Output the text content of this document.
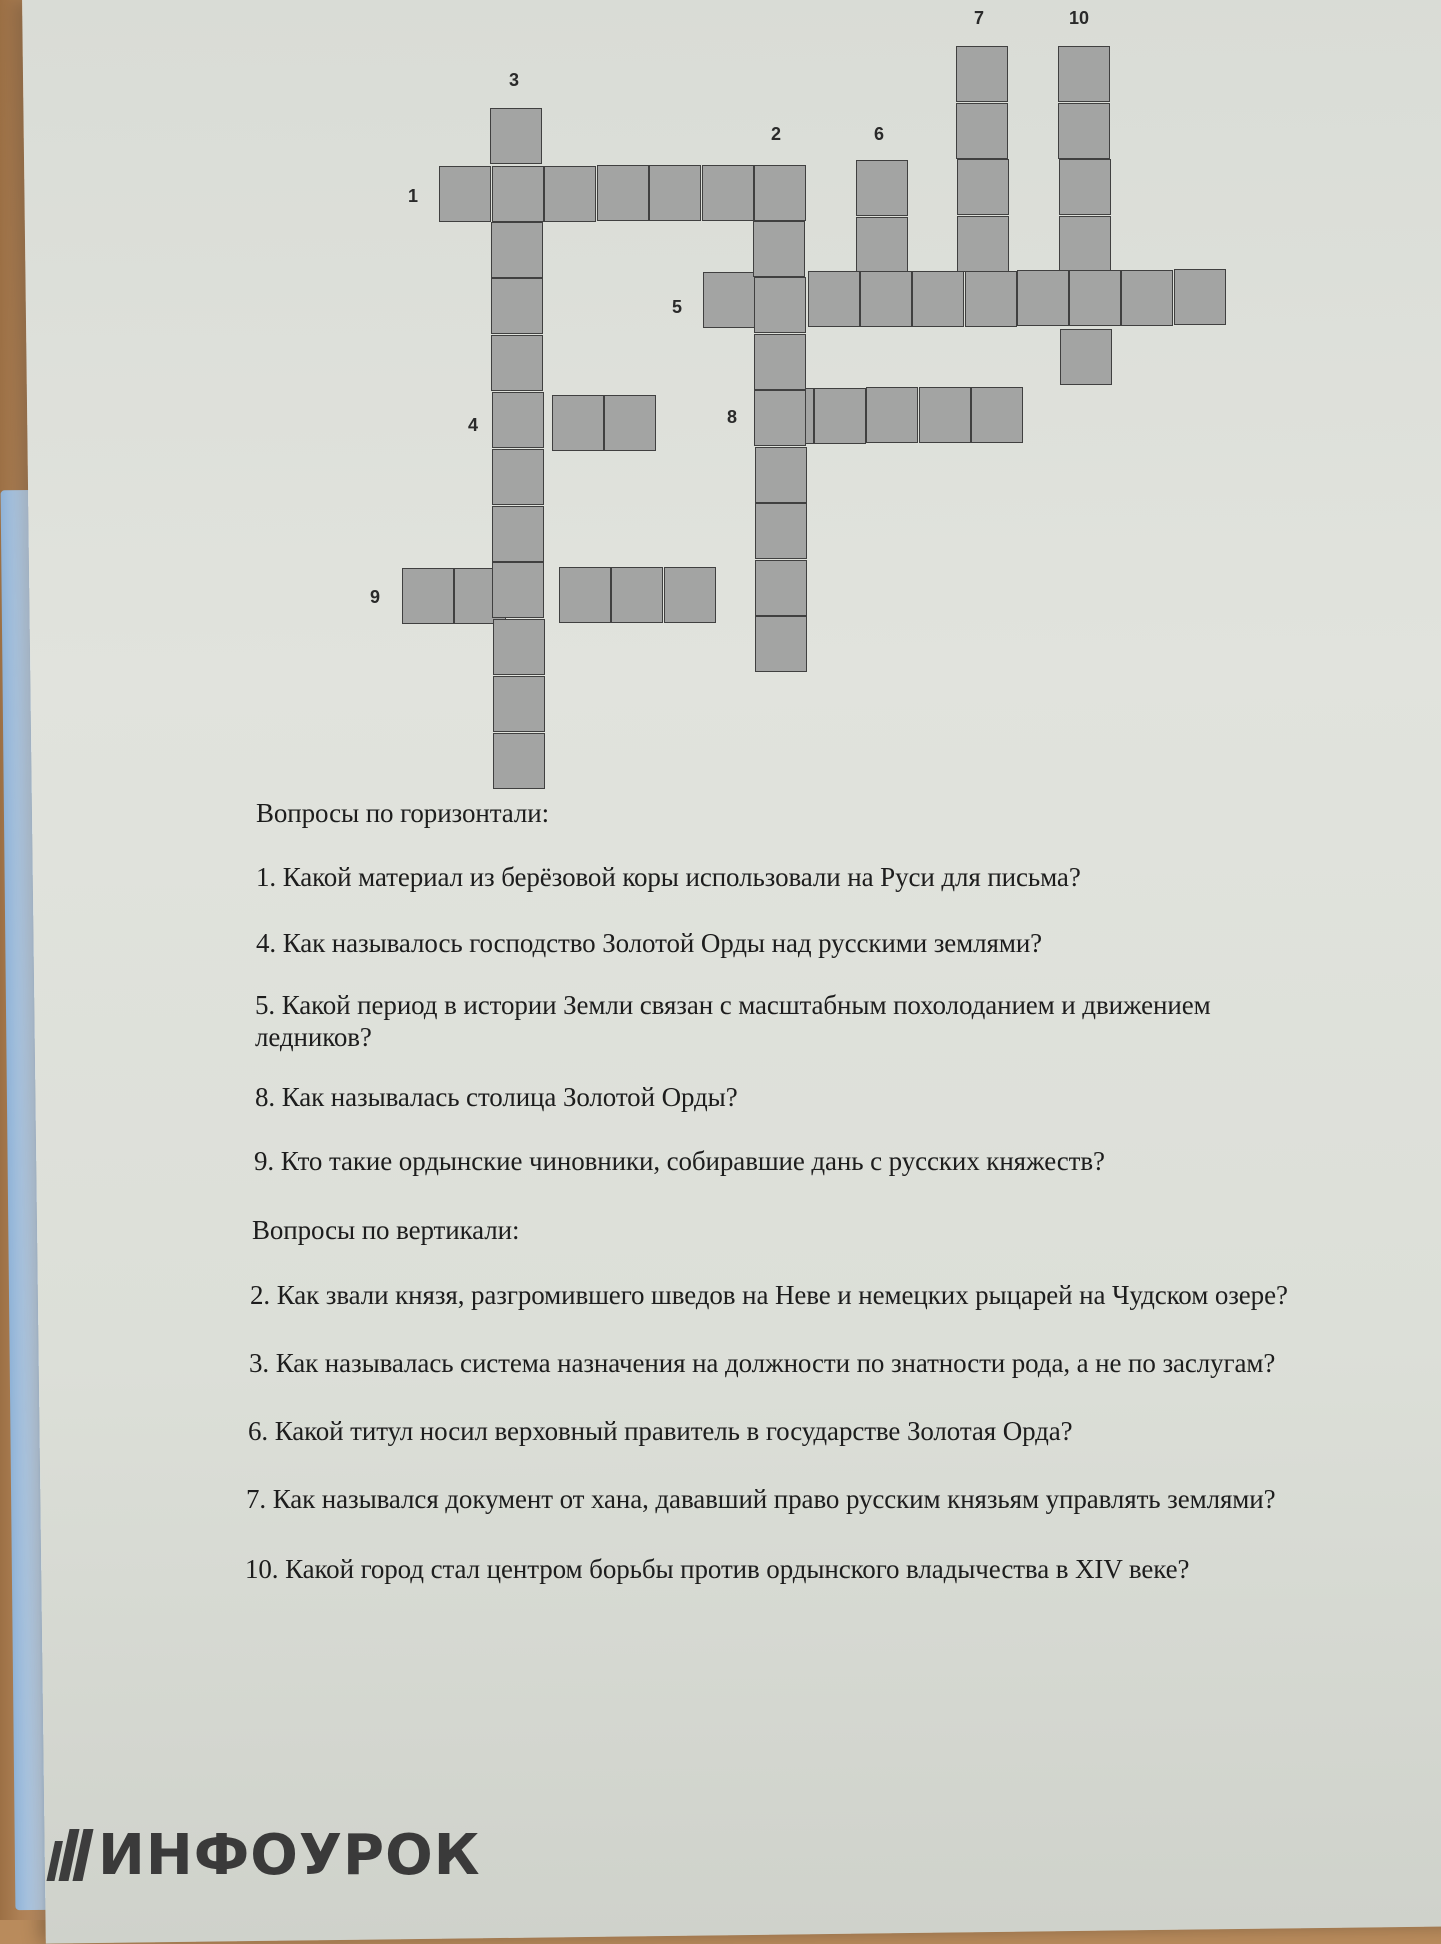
1
2
3
4
5
6
7
8
9
10
Вопросы по горизонтали:
1. Какой материал из берёзовой коры использовали на Руси для письма?
4. Как называлось господство Золотой Орды над русскими землями?
5. Какой период в истории Земли связан с масштабным похолоданием и движением
ледников?
8. Как называлась столица Золотой Орды?
9. Кто такие ордынские чиновники, собиравшие дань с русских княжеств?
Вопросы по вертикали:
2. Как звали князя, разгромившего шведов на Неве и немецких рыцарей на Чудском озере?
3. Как называлась система назначения на должности по знатности рода, а не по заслугам?
6. Какой титул носил верховный правитель в государстве Золотая Орда?
7. Как назывался документ от хана, дававший право русским князьям управлять землями?
10. Какой город стал центром борьбы против ордынского владычества в XIV веке?
ИНФОУРОК
